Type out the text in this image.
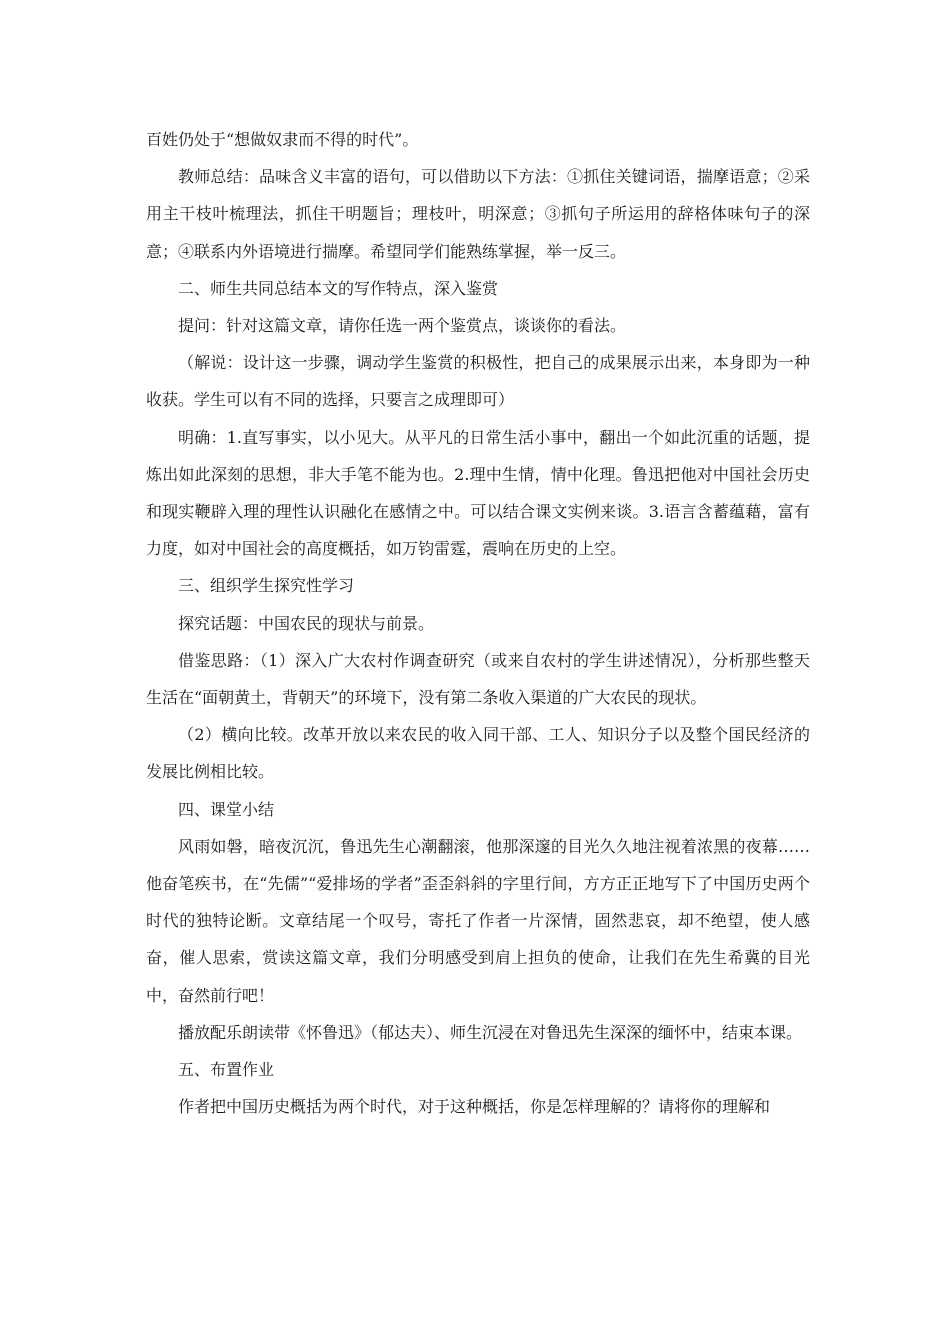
百姓仍处于“想做奴隶而不得的时代”。

教师总结：品味含义丰富的语句，可以借助以下方法：①抓住关键词语，揣摩语意；②采用主干枝叶梳理法，抓住干明题旨；理枝叶，明深意；③抓句子所运用的辞格体味句子的深意；④联系内外语境进行揣摩。希望同学们能熟练掌握，举一反三。

二、师生共同总结本文的写作特点，深入鉴赏

提问：针对这篇文章，请你任选一两个鉴赏点，谈谈你的看法。

（解说：设计这一步骤，调动学生鉴赏的积极性，把自己的成果展示出来，本身即为一种收获。学生可以有不同的选择，只要言之成理即可）

明确：1.直写事实，以小见大。从平凡的日常生活小事中，翻出一个如此沉重的话题，提炼出如此深刻的思想，非大手笔不能为也。2.理中生情，情中化理。鲁迅把他对中国社会历史和现实鞭辟入理的理性认识融化在感情之中。可以结合课文实例来谈。3.语言含蓄蕴藉，富有力度，如对中国社会的高度概括，如万钧雷霆，震响在历史的上空。

三、组织学生探究性学习

探究话题：中国农民的现状与前景。

借鉴思路：（1）深入广大农村作调查研究（或来自农村的学生讲述情况），分析那些整天生活在“面朝黄土，背朝天”的环境下，没有第二条收入渠道的广大农民的现状。

（2）横向比较。改革开放以来农民的收入同干部、工人、知识分子以及整个国民经济的发展比例相比较。

四、课堂小结

风雨如磐，暗夜沉沉，鲁迅先生心潮翻滚，他那深邃的目光久久地注视着浓黑的夜幕……他奋笔疾书，在“先儒”“爱排场的学者”歪歪斜斜的字里行间，方方正正地写下了中国历史两个时代的独特论断。文章结尾一个叹号，寄托了作者一片深情，固然悲哀，却不绝望，使人感奋，催人思索，赏读这篇文章，我们分明感受到肩上担负的使命，让我们在先生希冀的目光中，奋然前行吧！

播放配乐朗读带《怀鲁迅》（郁达夫）、师生沉浸在对鲁迅先生深深的缅怀中，结束本课。

五、布置作业

作者把中国历史概括为两个时代，对于这种概括，你是怎样理解的？请将你的理解和
